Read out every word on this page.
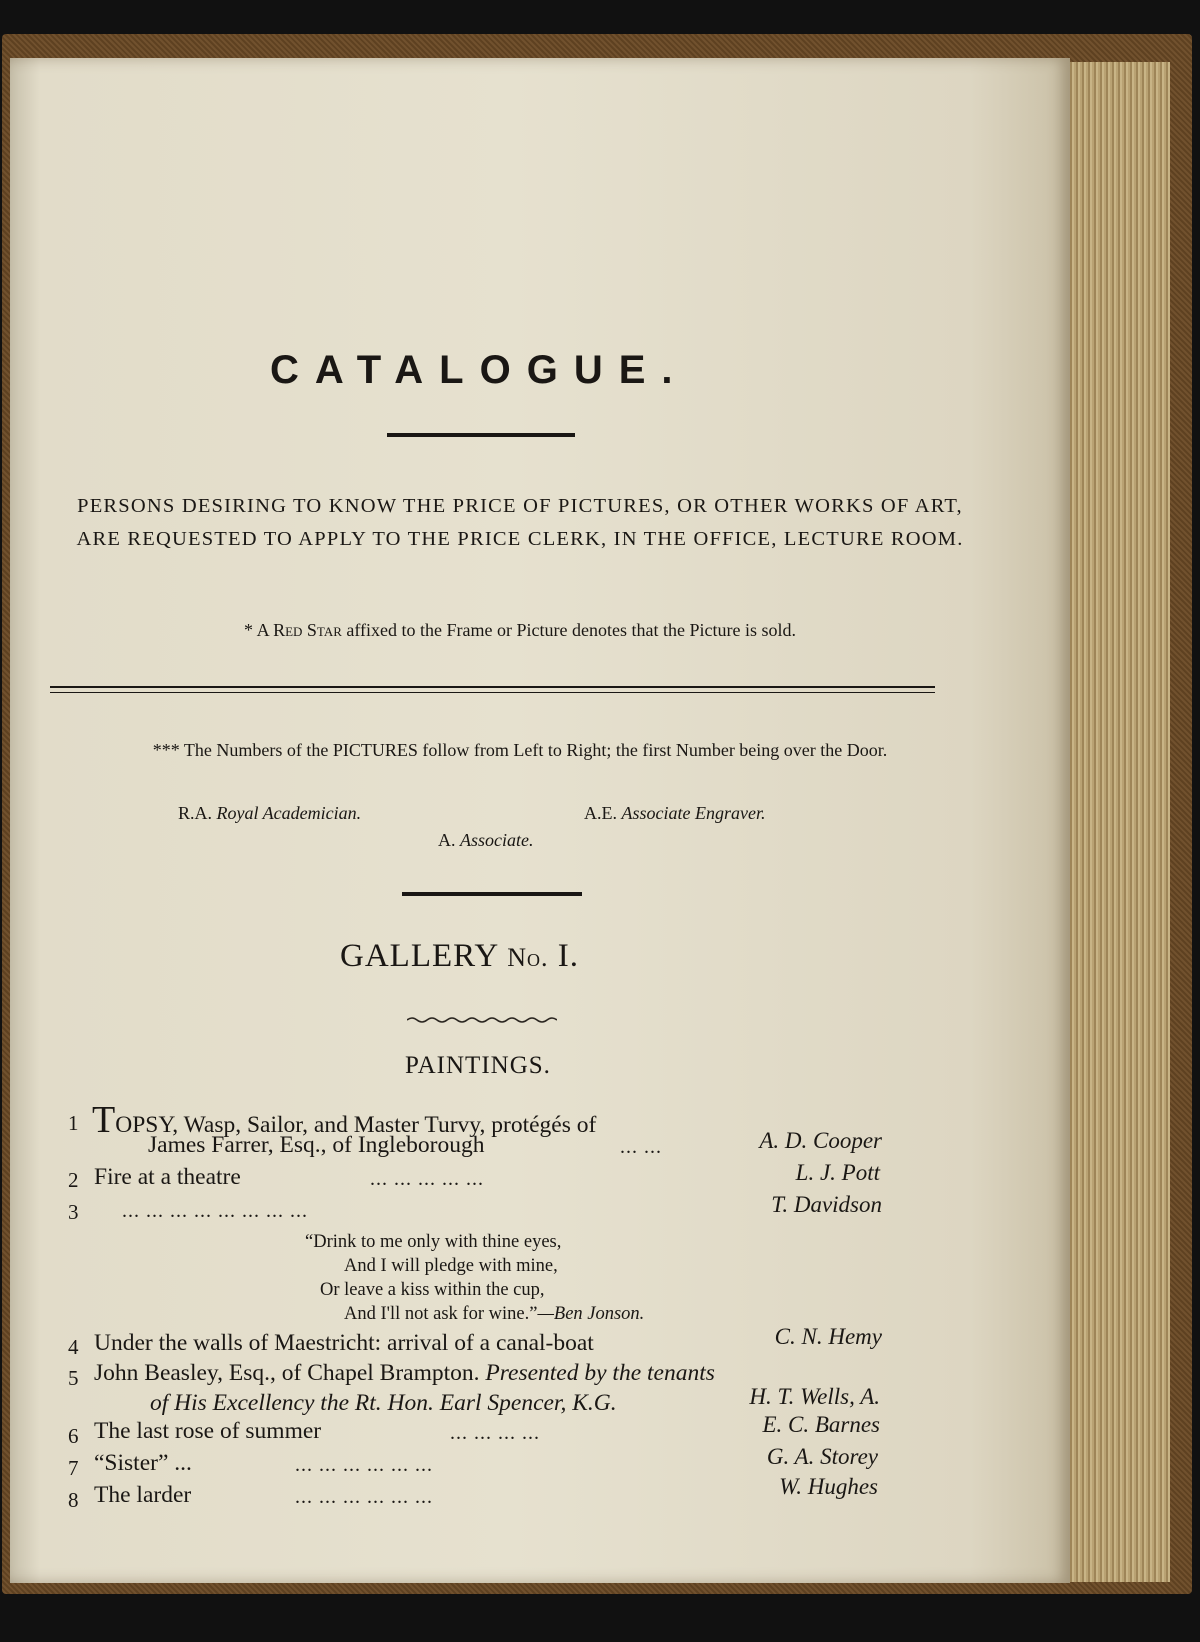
CATALOGUE.
PERSONS DESIRING TO KNOW THE PRICE OF PICTURES, OR OTHER WORKS OF ART, ARE REQUESTED TO APPLY TO THE PRICE CLERK, IN THE OFFICE, LECTURE ROOM.
* A Red Star affixed to the Frame or Picture denotes that the Picture is sold.
*​*​* The Numbers of the PICTURES follow from Left to Right; the first Number being over the Door.
R.A. Royal Academician.	A.E. Associate Engraver.
A. Associate.
GALLERY No. I.
PAINTINGS.
1 TOPSY, Wasp, Sailor, and Master Turvy, protégés of
James Farrer, Esq., of Ingleborough	... ...	A. D. Cooper
2 Fire at a theatre	... ... ... ... ...	L. J. Pott
3 ... ... ... ... ... ... ... ...	T. Davidson
“Drink to me only with thine eyes,
And I will pledge with mine,
Or leave a kiss within the cup,
And I'll not ask for wine.”—Ben Jonson.
4 Under the walls of Maestricht: arrival of a canal-boat	C. N. Hemy
5 John Beasley, Esq., of Chapel Brampton. Presented by the tenants
of His Excellency the Rt. Hon. Earl Spencer, K.G.	H. T. Wells, A.
6 The last rose of summer	... ... ... ...	E. C. Barnes
7 “Sister” ...	... ... ... ... ... ...	G. A. Storey
8 The larder	... ... ... ... ... ...	W. Hughes
